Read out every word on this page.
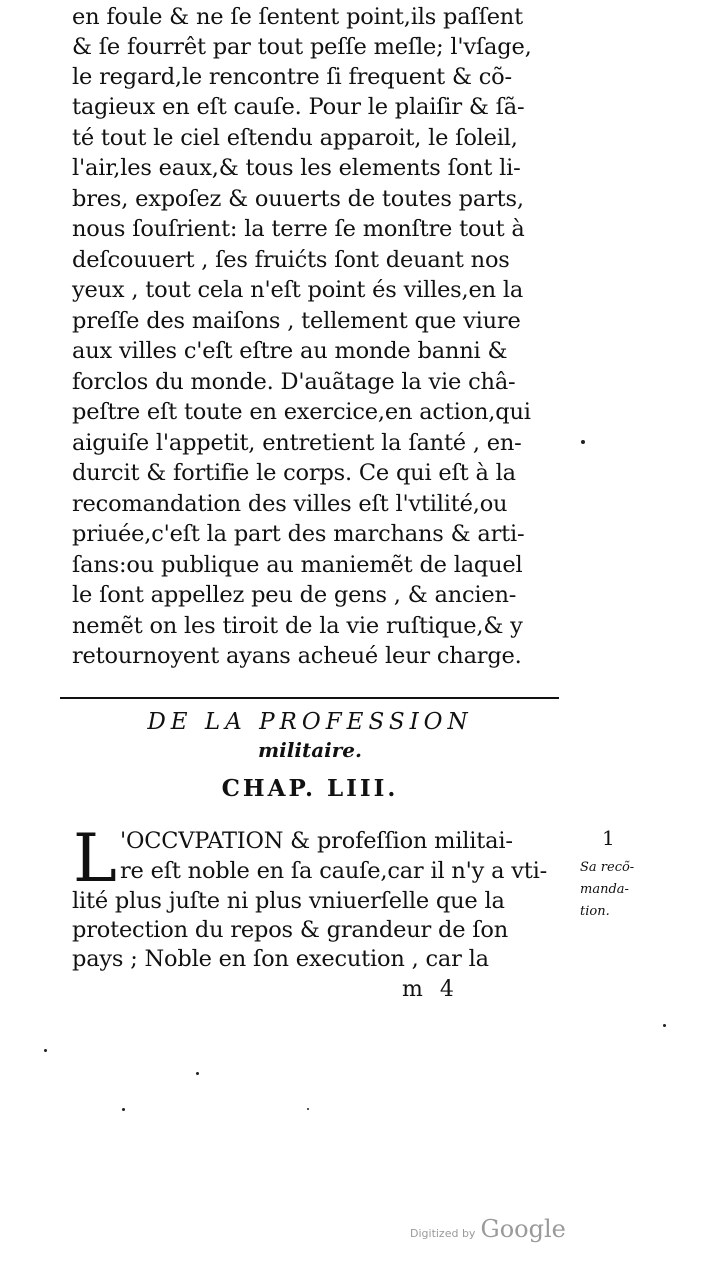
en foule & ne ſe ſentent point,ils paſſent
& ſe fourrêt par tout peſſe meſle; l'vſage,
le regard,le rencontre ſi frequent & cõ-
tagieux en eſt cauſe. Pour le plaiſir & ſã-
té tout le ciel eſtendu apparoit, le ſoleil,
l'air,les eaux,& tous les elements ſont li-
bres, expoſez & ouuerts de toutes parts,
nous ſouſrient: la terre ſe monſtre tout à
deſcouuert , ſes fruićts ſont deuant nos
yeux , tout cela n'eſt point és villes,en la
preſſe des maiſons , tellement que viure
aux villes c'eſt eſtre au monde banni &
forclos du monde. D'auãtage la vie châ-
peſtre eſt toute en exercice,en action,qui
aiguiſe l'appetit, entretient la ſanté , en-
durcit & fortifie le corps. Ce qui eſt à la
recomandation des villes eſt l'vtilité,ou
priuée,c'eſt la part des marchans & arti-
ſans:ou publique au maniemẽt de laquel
le ſont appellez peu de gens , & ancien-
nemẽt on les tiroit de la vie ruſtique,& y
retournoyent ayans acheué leur charge.
DE LA PROFESSION
militaire.
CHAP. LIII.
L 'OCCVPATION & profeſſion militai-
re eſt noble en ſa cauſe,car il n'y a vti-
lité plus juſte ni plus vniuerſelle que la
protection du repos & grandeur de ſon
pays ; Noble en ſon execution , car la
1
Sa recõ-
manda-
tion.
m 4
Digitized by Google
